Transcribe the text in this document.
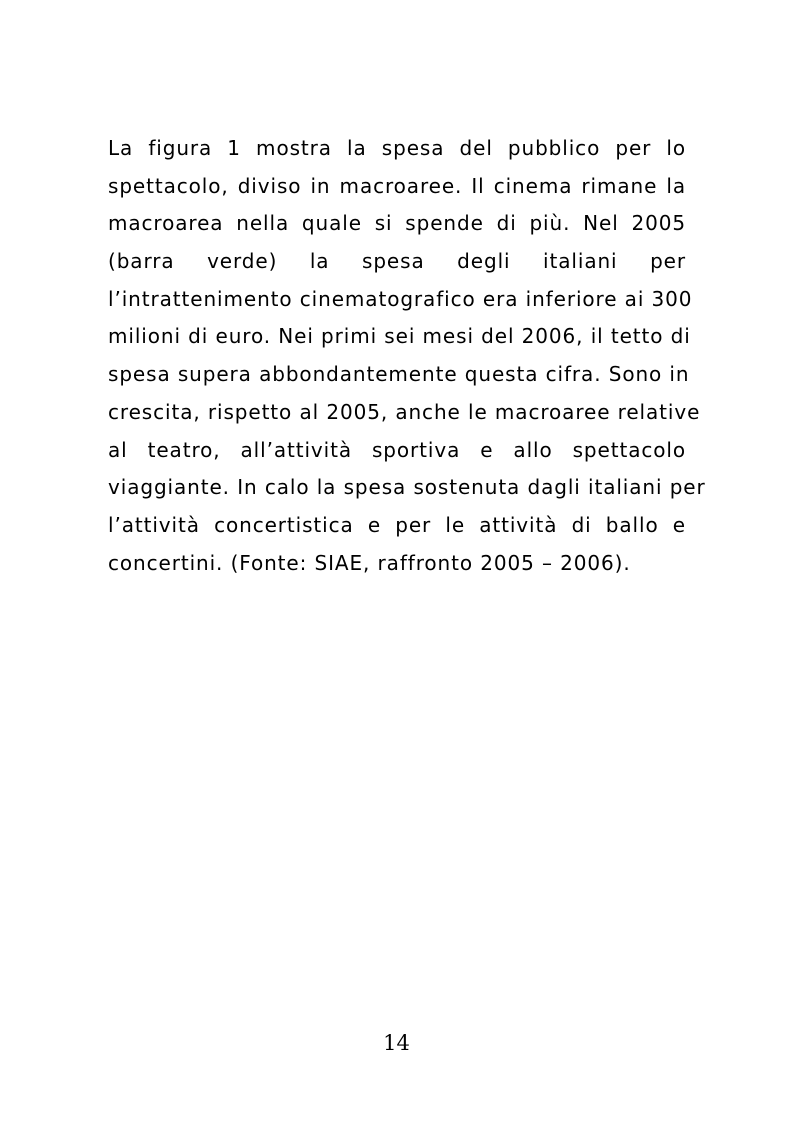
La figura 1 mostra la spesa del pubblico per lo
spettacolo, diviso in macroaree. Il cinema rimane la
macroarea nella quale si spende di più. Nel 2005
(barra verde) la spesa degli italiani per
l’intrattenimento cinematografico era inferiore ai 300
milioni di euro. Nei primi sei mesi del 2006, il tetto di
spesa supera abbondantemente questa cifra. Sono in
crescita, rispetto al 2005, anche le macroaree relative
al teatro, all’attività sportiva e allo spettacolo
viaggiante. In calo la spesa sostenuta dagli italiani per
l’attività concertistica e per le attività di ballo e
concertini. (Fonte: SIAE, raffronto 2005 – 2006).

14
